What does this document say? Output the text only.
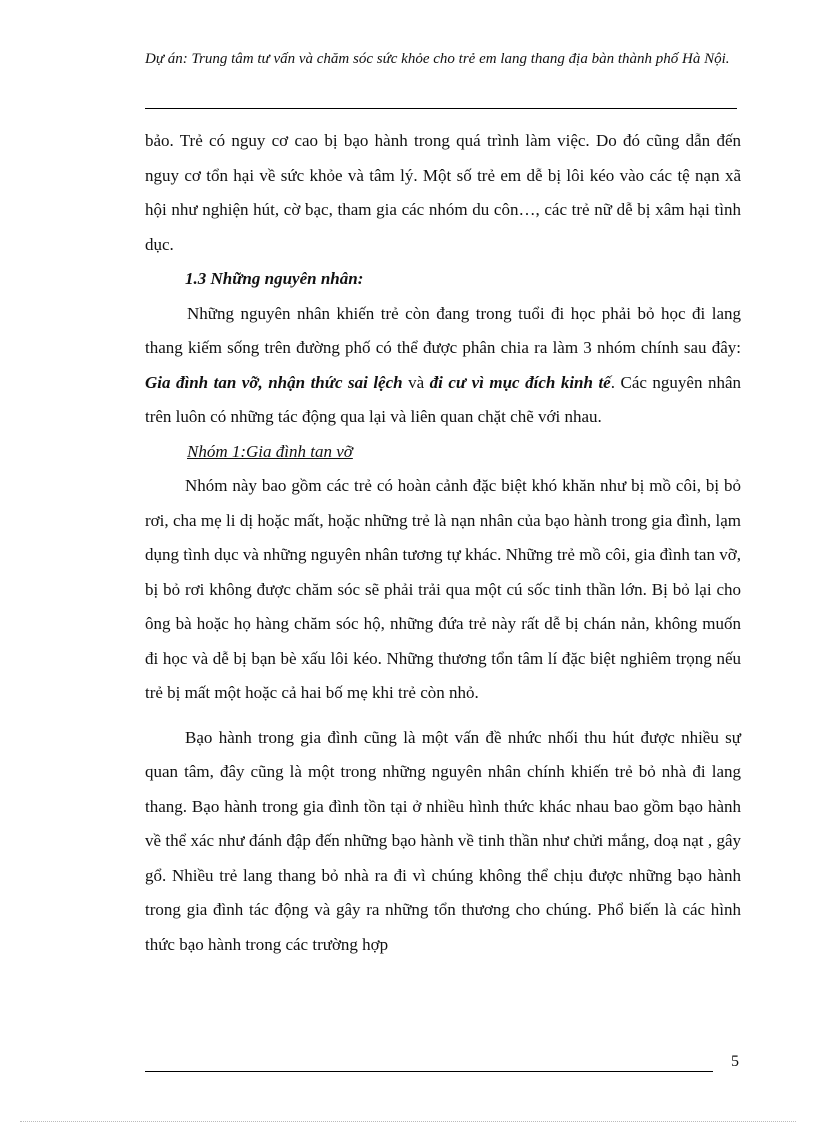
Dự án: Trung tâm tư vấn và chăm sóc sức khỏe cho trẻ em lang thang địa bàn thành phố Hà Nội.

bảo. Trẻ có nguy cơ cao bị bạo hành trong quá trình làm việc. Do đó cũng dẫn đến nguy cơ tổn hại về sức khỏe và tâm lý. Một số trẻ em dễ bị lôi kéo vào các tệ nạn xã hội như nghiện hút, cờ bạc, tham gia các nhóm du côn…, các trẻ nữ dễ bị xâm hại tình dục.

1.3 Những nguyên nhân:

Những nguyên nhân khiến trẻ còn đang trong tuổi đi học phải bỏ học đi lang thang kiếm sống trên đường phố có thể được phân chia ra làm 3 nhóm chính sau đây: Gia đình tan vỡ, nhận thức sai lệch và đi cư vì mục đích kinh tế. Các nguyên nhân trên luôn có những tác động qua lại và liên quan chặt chẽ với nhau.

Nhóm 1:Gia đình tan vỡ

Nhóm này bao gồm các trẻ có hoàn cảnh đặc biệt khó khăn như bị mồ côi, bị bỏ rơi, cha mẹ li dị hoặc mất, hoặc những trẻ là nạn nhân của bạo hành trong gia đình, lạm dụng tình dục và những nguyên nhân tương tự khác. Những trẻ mồ côi, gia đình tan vỡ, bị bỏ rơi không được chăm sóc sẽ phải trải qua một cú sốc tinh thần lớn. Bị bỏ lại cho ông bà hoặc họ hàng chăm sóc hộ, những đứa trẻ này rất dễ bị chán nản, không muốn đi học và dễ bị bạn bè xấu lôi kéo. Những thương tổn tâm lí đặc biệt nghiêm trọng nếu trẻ bị mất một hoặc cả hai bố mẹ khi trẻ còn nhỏ.

Bạo hành trong gia đình cũng là một vấn đề nhức nhối thu hút được nhiều sự quan tâm, đây cũng là một trong những nguyên nhân chính khiến trẻ bỏ nhà đi lang thang. Bạo hành trong gia đình tồn tại ở nhiều hình thức khác nhau bao gồm bạo hành về thể xác như đánh đập đến những bạo hành về tinh thần như chửi mắng, doạ nạt , gây gổ. Nhiều trẻ lang thang bỏ nhà ra đi vì chúng không thể chịu được những bạo hành trong gia đình tác động và gây ra những tổn thương cho chúng. Phổ biến là các hình thức bạo hành trong các trường hợp

5
